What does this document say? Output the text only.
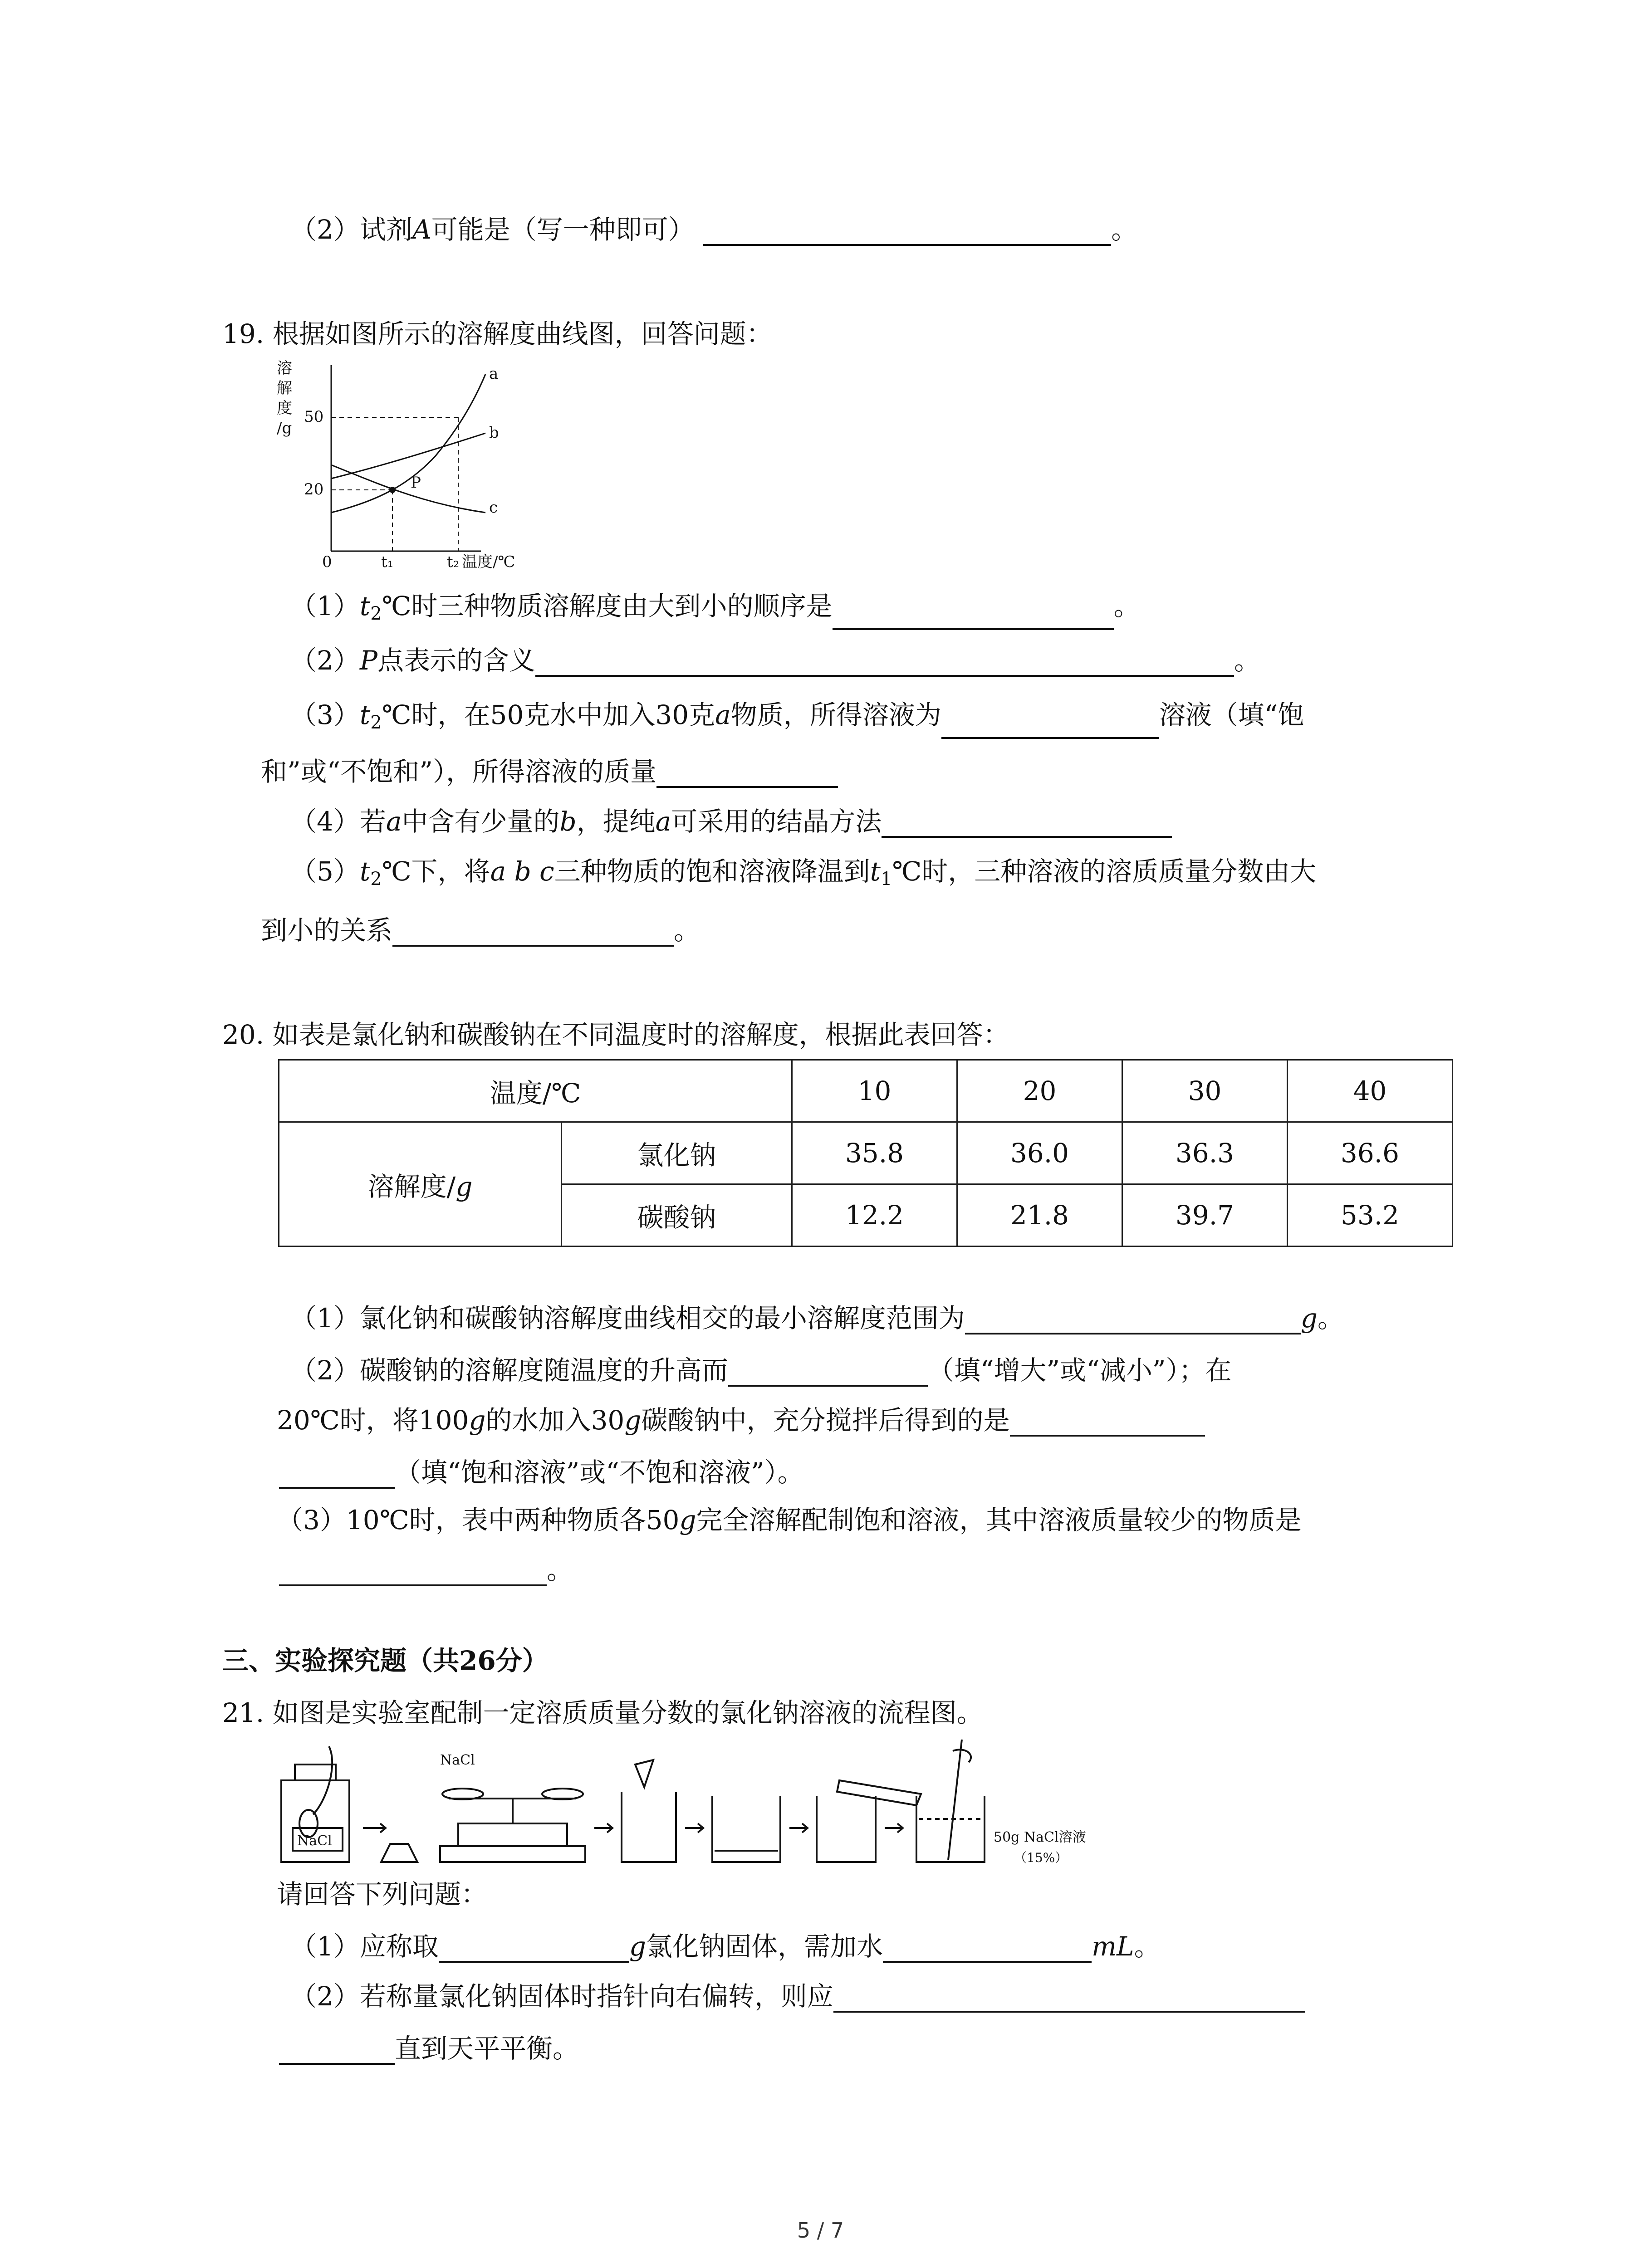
（2）试剂A可能是（写一种即可）	。
19. 根据如图所示的溶解度曲线图，回答问题：
溶
解
度
/g
50
20
0	t₁	t₂ 温度/℃
a
b
c
P
$(1)t_2℃$时三种物质溶解度由大到小的顺序是	。
（2）P点表示的含义	。
$(3)t_2℃$时，在50克水中加入30克a物质，所得溶液为	溶液（填“饱
和”或“不饱和”），所得溶液的质量
（4）若a中含有少量的b，提纯a可采用的结晶方法
$(5)t_2℃$下，将a b c三种物质的饱和溶液降温到$t_1℃$时，三种溶液的溶质质量分数由大
到小的关系	。
20. 如表是氯化钠和碳酸钠在不同温度时的溶解度，根据此表回答：
温度/℃		10	20	30	40
溶解度/g	氯化钠	35.8	36.0	36.3	36.6
	碳酸钠	12.2	21.8	39.7	53.2
（1）氯化钠和碳酸钠溶解度曲线相交的最小溶解度范围为	g。
（2）碳酸钠的溶解度随温度的升高而	（填“增大”或“减小”）；在
20℃时，将100g的水加入30g碳酸钠中，充分搅拌后得到的是
（填“饱和溶液”或“不饱和溶液”）。
（3）10℃时，表中两种物质各50g完全溶解配制饱和溶液，其中溶液质量较少的物质是
。
三、实验探究题（共26分）
21. 如图是实验室配制一定溶质质量分数的氯化钠溶液的流程图。
NaCl
NaCl
50g NaCl溶液
（15%）
请回答下列问题：
（1）应称取	g氯化钠固体，需加水	mL。
（2）若称量氯化钠固体时指针向右偏转，则应
直到天平平衡。
5 / 7
